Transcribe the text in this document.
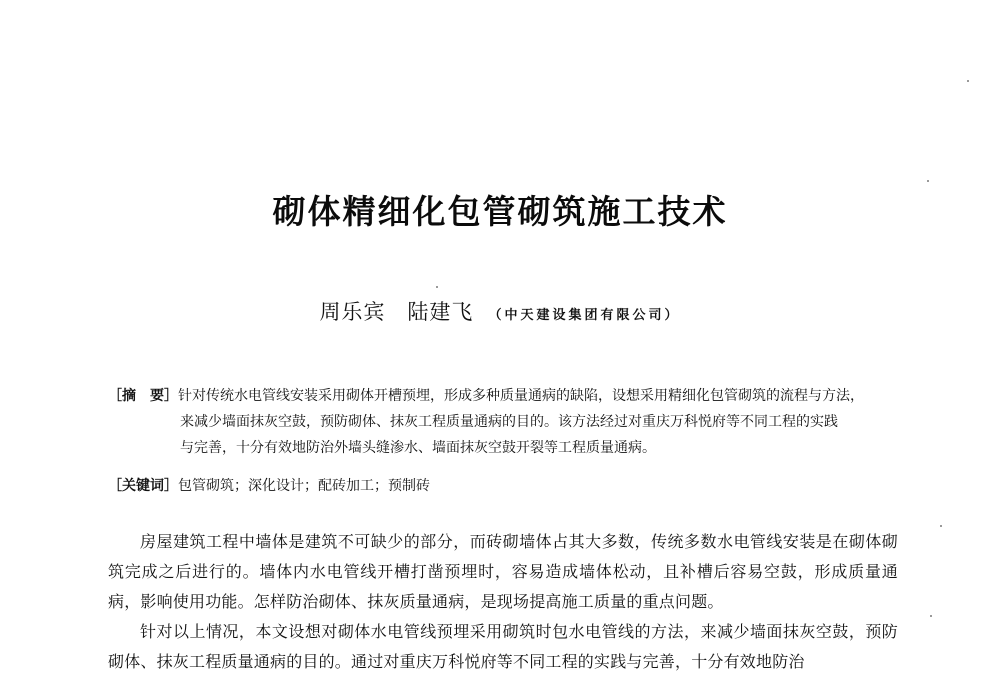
砌体精细化包管砌筑施工技术
周乐宾　陆建飞 （中天建设集团有限公司）
［摘　要］针对传统水电管线安装采用砌体开槽预埋，形成多种质量通病的缺陷，设想采用精细化包管砌筑的流程与方法，
来减少墙面抹灰空鼓，预防砌体、抹灰工程质量通病的目的。该方法经过对重庆万科悦府等不同工程的实践
与完善，十分有效地防治外墙头缝渗水、墙面抹灰空鼓开裂等工程质量通病。
［关键词］包管砌筑；深化设计；配砖加工；预制砖

房屋建筑工程中墙体是建筑不可缺少的部分，而砖砌墙体占其大多数，传统多数水电管线安装是在砌体砌筑完成之后进行的。墙体内水电管线开槽打凿预埋时，容易造成墙体松动，且补槽后容易空鼓，形成质量通病，影响使用功能。怎样防治砌体、抹灰质量通病，是现场提高施工质量的重点问题。

针对以上情况，本文设想对砌体水电管线预埋采用砌筑时包水电管线的方法，来减少墙面抹灰空鼓，预防砌体、抹灰工程质量通病的目的。通过对重庆万科悦府等不同工程的实践与完善，十分有效地防治
